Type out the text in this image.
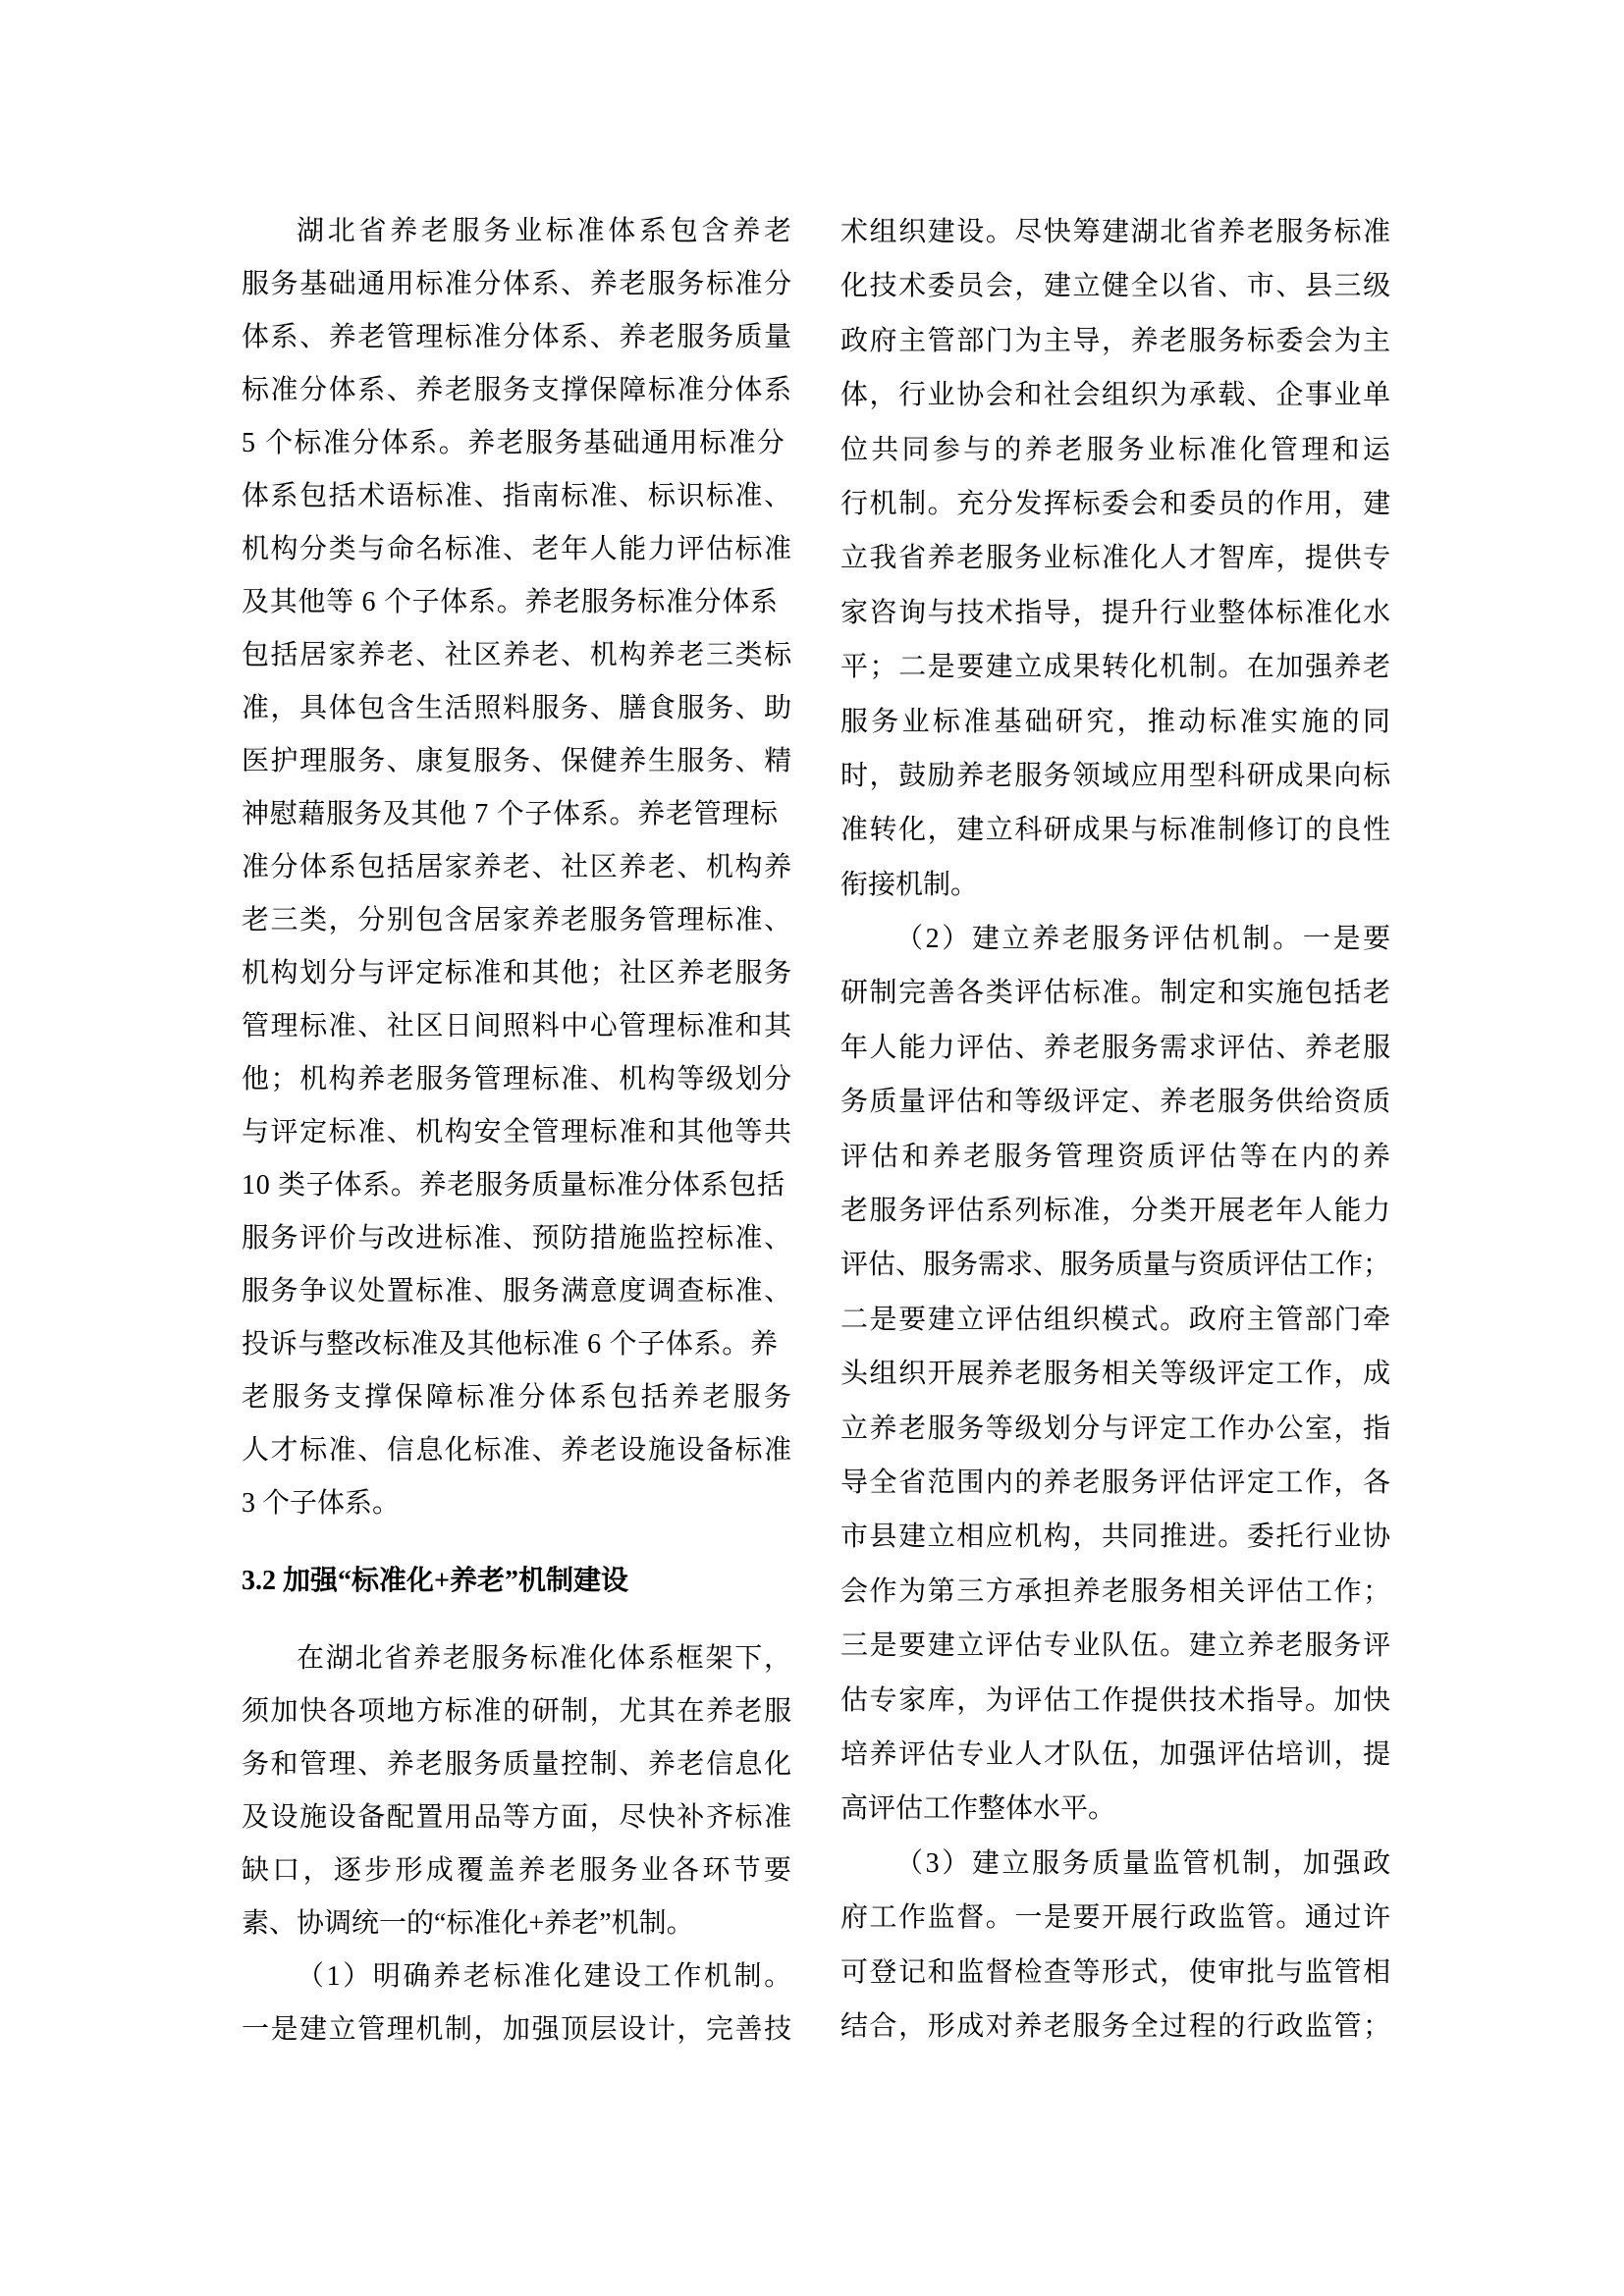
湖北省养老服务业标准体系包含养老
服务基础通用标准分体系、养老服务标准分
体系、养老管理标准分体系、养老服务质量
标准分体系、养老服务支撑保障标准分体系
5 个标准分体系。养老服务基础通用标准分
体系包括术语标准、指南标准、标识标准、
机构分类与命名标准、老年人能力评估标准
及其他等 6 个子体系。养老服务标准分体系
包括居家养老、社区养老、机构养老三类标
准，具体包含生活照料服务、膳食服务、助
医护理服务、康复服务、保健养生服务、精
神慰藉服务及其他 7 个子体系。养老管理标
准分体系包括居家养老、社区养老、机构养
老三类，分别包含居家养老服务管理标准、
机构划分与评定标准和其他；社区养老服务
管理标准、社区日间照料中心管理标准和其
他；机构养老服务管理标准、机构等级划分
与评定标准、机构安全管理标准和其他等共
10 类子体系。养老服务质量标准分体系包括
服务评价与改进标准、预防措施监控标准、
服务争议处置标准、服务满意度调查标准、
投诉与整改标准及其他标准 6 个子体系。养
老服务支撑保障标准分体系包括养老服务
人才标准、信息化标准、养老设施设备标准
3 个子体系。
3.2 加强“标准化+养老”机制建设
在湖北省养老服务标准化体系框架下，
须加快各项地方标准的研制，尤其在养老服
务和管理、养老服务质量控制、养老信息化
及设施设备配置用品等方面，尽快补齐标准
缺口，逐步形成覆盖养老服务业各环节要
素、协调统一的“标准化+养老”机制。
（1）明确养老标准化建设工作机制。
一是建立管理机制，加强顶层设计，完善技
术组织建设。尽快筹建湖北省养老服务标准
化技术委员会，建立健全以省、市、县三级
政府主管部门为主导，养老服务标委会为主
体，行业协会和社会组织为承载、企事业单
位共同参与的养老服务业标准化管理和运
行机制。充分发挥标委会和委员的作用，建
立我省养老服务业标准化人才智库，提供专
家咨询与技术指导，提升行业整体标准化水
平；二是要建立成果转化机制。在加强养老
服务业标准基础研究，推动标准实施的同
时，鼓励养老服务领域应用型科研成果向标
准转化，建立科研成果与标准制修订的良性
衔接机制。
（2）建立养老服务评估机制。一是要
研制完善各类评估标准。制定和实施包括老
年人能力评估、养老服务需求评估、养老服
务质量评估和等级评定、养老服务供给资质
评估和养老服务管理资质评估等在内的养
老服务评估系列标准，分类开展老年人能力
评估、服务需求、服务质量与资质评估工作；
二是要建立评估组织模式。政府主管部门牵
头组织开展养老服务相关等级评定工作，成
立养老服务等级划分与评定工作办公室，指
导全省范围内的养老服务评估评定工作，各
市县建立相应机构，共同推进。委托行业协
会作为第三方承担养老服务相关评估工作；
三是要建立评估专业队伍。建立养老服务评
估专家库，为评估工作提供技术指导。加快
培养评估专业人才队伍，加强评估培训，提
高评估工作整体水平。
（3）建立服务质量监管机制，加强政
府工作监督。一是要开展行政监管。通过许
可登记和监督检查等形式，使审批与监管相
结合，形成对养老服务全过程的行政监管；
